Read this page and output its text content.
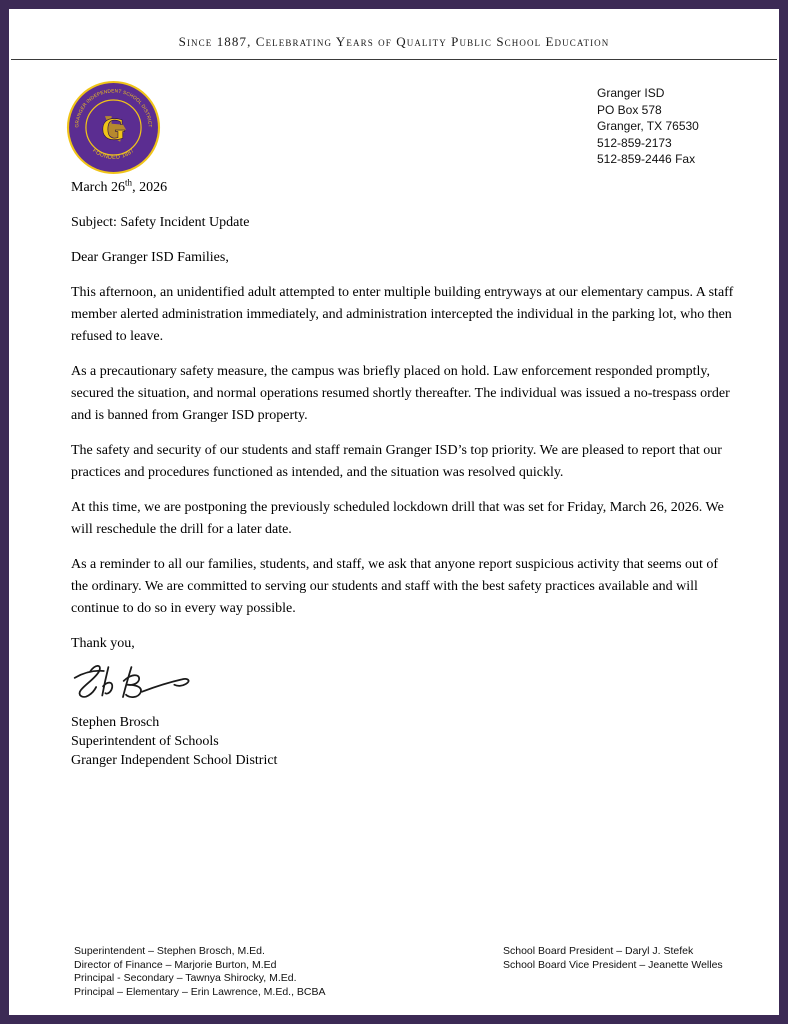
Since 1887, Celebrating Years of Quality Public School Education
GRANGER INDEPENDENT SCHOOL DISTRICT
FOUNDED 1887
G
Granger ISD
PO Box 578
Granger, TX 76530
512-859-2173
512-859-2446 Fax

March 26th, 2026

Subject: Safety Incident Update

Dear Granger ISD Families,

This afternoon, an unidentified adult attempted to enter multiple building entryways at our elementary campus. A staff member alerted administration immediately, and administration intercepted the individual in the parking lot, who then refused to leave.

As a precautionary safety measure, the campus was briefly placed on hold. Law enforcement responded promptly, secured the situation, and normal operations resumed shortly thereafter. The individual was issued a no-trespass order and is banned from Granger ISD property.

The safety and security of our students and staff remain Granger ISD’s top priority. We are pleased to report that our practices and procedures functioned as intended, and the situation was resolved quickly.

At this time, we are postponing the previously scheduled lockdown drill that was set for Friday, March 26, 2026. We will reschedule the drill for a later date.

As a reminder to all our families, students, and staff, we ask that anyone report suspicious activity that seems out of the ordinary. We are committed to serving our students and staff with the best safety practices available and will continue to do so in every way possible.

Thank you,

Stephen Brosch
Superintendent of Schools
Granger Independent School District
Superintendent – Stephen Brosch, M.Ed.
Director of Finance – Marjorie Burton, M.Ed
Principal - Secondary – Tawnya Shirocky, M.Ed.
Principal – Elementary – Erin Lawrence, M.Ed., BCBA
School Board President – Daryl J. Stefek
School Board Vice President – Jeanette Welles
